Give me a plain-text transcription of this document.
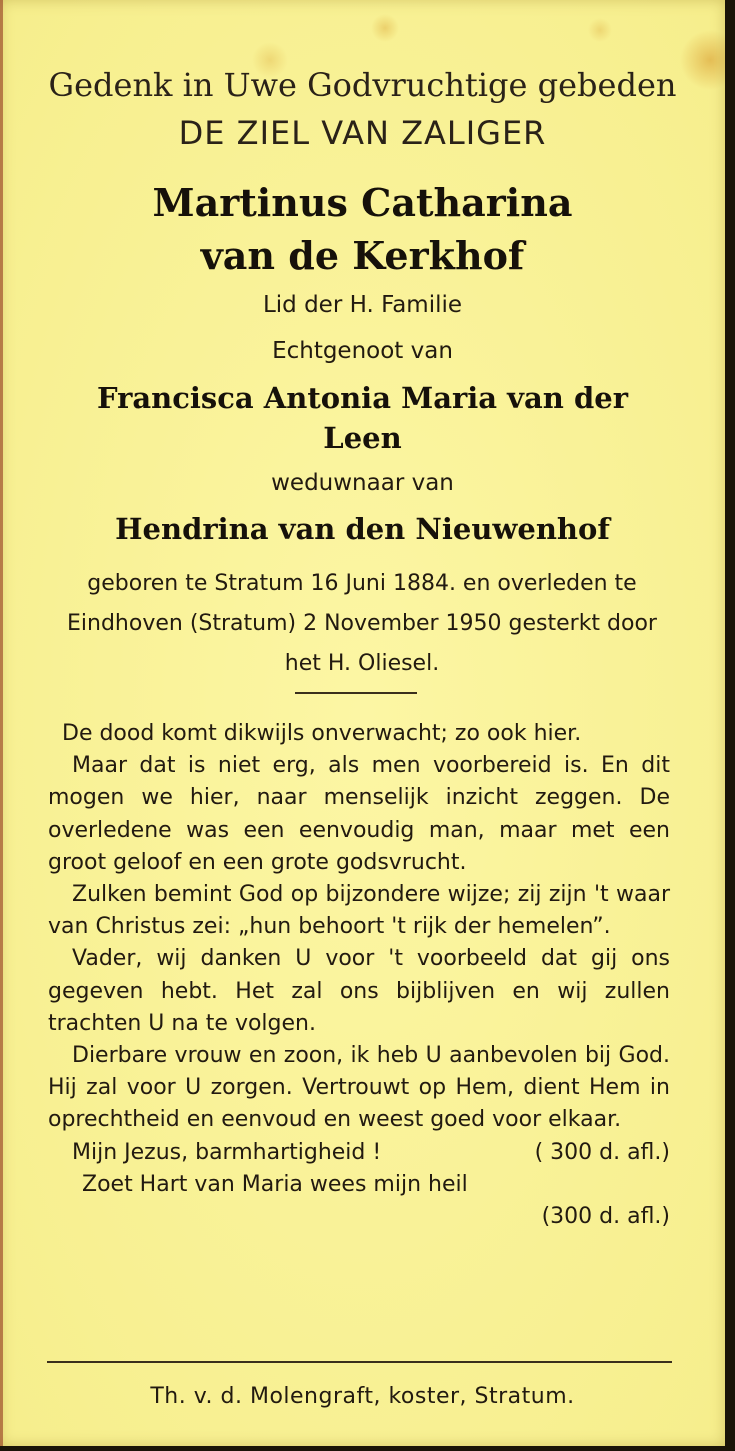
Gedenk in Uwe Godvruchtige gebeden
DE ZIEL VAN ZALIGER
Martinus Catharina
van de Kerkhof
Lid der H. Familie
Echtgenoot van
Francisca Antonia Maria van der Leen
weduwnaar van
Hendrina van den Nieuwenhof
geboren te Stratum 16 Juni 1884. en overleden te Eindhoven (Stratum) 2 November 1950 gesterkt door het H. Oliesel.

De dood komt dikwijls onverwacht; zo ook hier.

Maar dat is niet erg, als men voorbereid is. En dit mogen we hier, naar menselijk inzicht zeggen. De overledene was een eenvoudig man, maar met een groot geloof en een grote godsvrucht.

Zulken bemint God op bijzondere wijze; zij zijn 't waar van Christus zei: „hun behoort 't rijk der hemelen”.

Vader, wij danken U voor 't voorbeeld dat gij ons gegeven hebt. Het zal ons bijblijven en wij zullen trachten U na te volgen.

Dierbare vrouw en zoon, ik heb U aanbevolen bij God. Hij zal voor U zorgen. Vertrouwt op Hem, dient Hem in oprechtheid en eenvoud en weest goed voor elkaar.

Mijn Jezus, barmhartigheid !	( 300 d. afl.)

Zoet Hart van Maria wees mijn heil

(300 d. afl.)

Th. v. d. Molengraft, koster, Stratum.
